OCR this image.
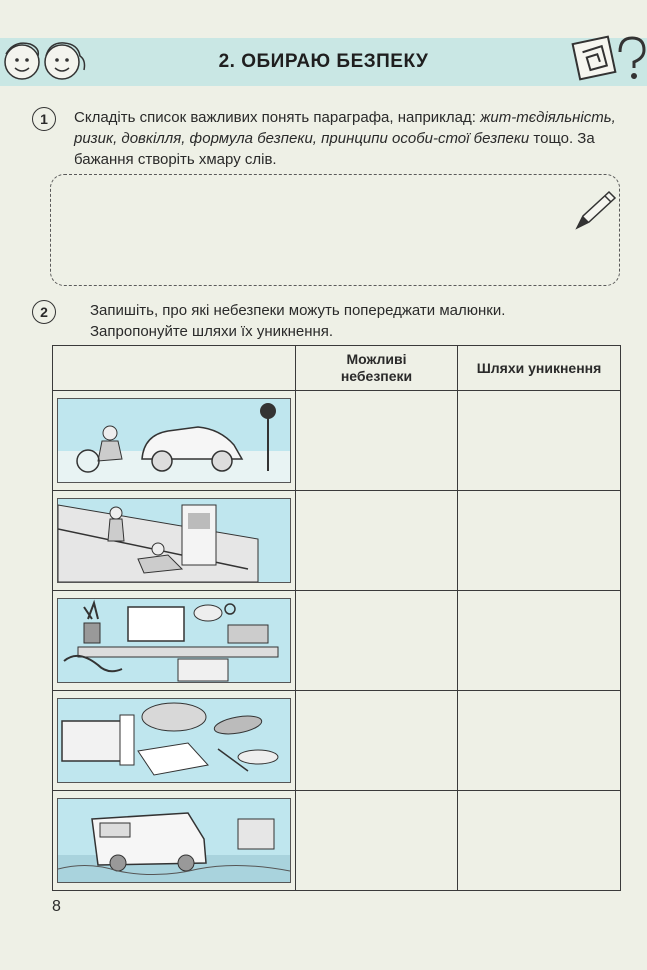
2. ОБИРАЮ БЕЗПЕКУ
1	Складіть список важливих понять параграфа, наприклад: жит-тєдіяльність, ризик, довкілля, формула безпеки, принципи особи-стої безпеки тощо. За бажання створіть хмару слів.
2	Запишіть, про які небезпеки можуть попереджати малюнки.
Запропонуйте шляхи їх уникнення.

	Можливі небезпеки	Шляхи уникнення

8
